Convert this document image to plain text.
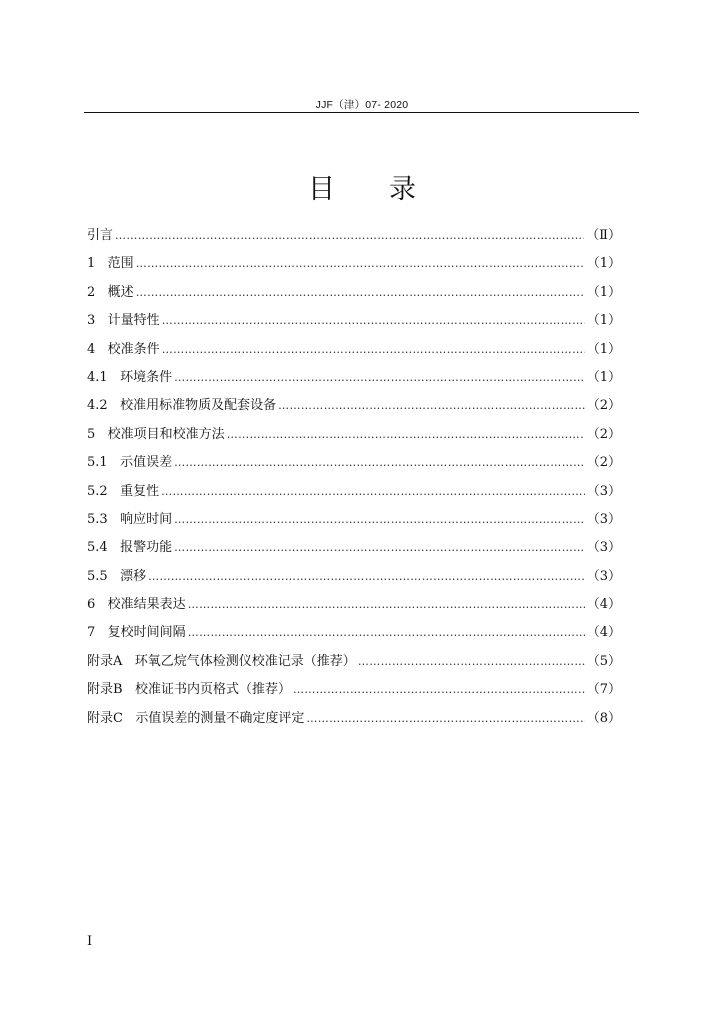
JJF（津）07- 2020
目 录
引言 ……………………………………………………………………………………………………………………………………………………………………………………………………………………	（Ⅱ）
1 范围 ……………………………………………………………………………………………………………………………………………………………………………………………………………………	（1）
2 概述 ……………………………………………………………………………………………………………………………………………………………………………………………………………………	（1）
3 计量特性 ……………………………………………………………………………………………………………………………………………………………………………………………………………………	（1）
4 校准条件 ……………………………………………………………………………………………………………………………………………………………………………………………………………………	（1）
4.1 环境条件 ……………………………………………………………………………………………………………………………………………………………………………………………………………………	（1）
4.2 校准用标准物质及配套设备 ……………………………………………………………………………………………………………………………………………………………………………………………………………………	（2）
5 校准项目和校准方法 ……………………………………………………………………………………………………………………………………………………………………………………………………………………	（2）
5.1 示值误差 ……………………………………………………………………………………………………………………………………………………………………………………………………………………	（2）
5.2 重复性 ……………………………………………………………………………………………………………………………………………………………………………………………………………………	（3）
5.3 响应时间 ……………………………………………………………………………………………………………………………………………………………………………………………………………………	（3）
5.4 报警功能 ……………………………………………………………………………………………………………………………………………………………………………………………………………………	（3）
5.5 漂移 ……………………………………………………………………………………………………………………………………………………………………………………………………………………	（3）
6 校准结果表达 ……………………………………………………………………………………………………………………………………………………………………………………………………………………	（4）
7 复校时间间隔 ……………………………………………………………………………………………………………………………………………………………………………………………………………………	（4）
附录A 环氧乙烷气体检测仪校准记录（推荐） ……………………………………………………………………………………………………………………………………………………………………………………………………………………	（5）
附录B 校准证书内页格式（推荐） ……………………………………………………………………………………………………………………………………………………………………………………………………………………	（7）
附录C 示值误差的测量不确定度评定 ……………………………………………………………………………………………………………………………………………………………………………………………………………………	（8）
I
